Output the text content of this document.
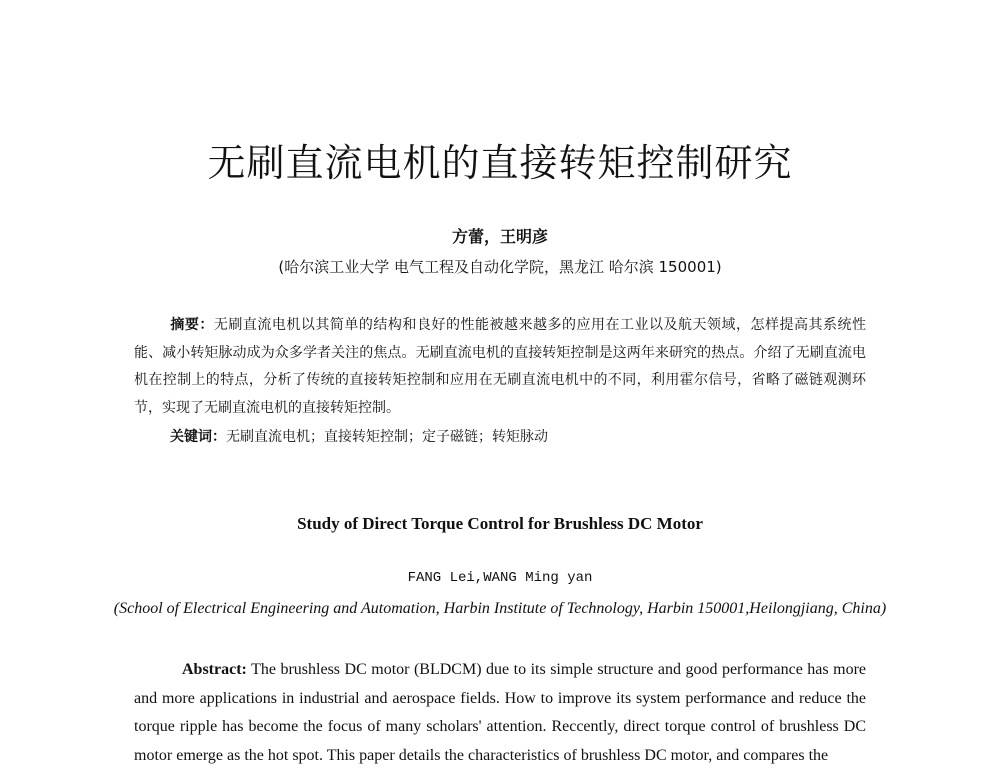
无刷直流电机的直接转矩控制研究
方蕾，王明彦
(哈尔滨工业大学 电气工程及自动化学院，黑龙江 哈尔滨 150001)
摘要：无刷直流电机以其简单的结构和良好的性能被越来越多的应用在工业以及航天领域，怎样提高其系统性能、减小转矩脉动成为众多学者关注的焦点。无刷直流电机的直接转矩控制是这两年来研究的热点。介绍了无刷直流电机在控制上的特点，分析了传统的直接转矩控制和应用在无刷直流电机中的不同，利用霍尔信号，省略了磁链观测环节，实现了无刷直流电机的直接转矩控制。
关键词：无刷直流电机；直接转矩控制；定子磁链；转矩脉动
Study of Direct Torque Control for Brushless DC Motor
FANG Lei,WANG Ming yan
(School of Electrical Engineering and Automation, Harbin Institute of Technology, Harbin 150001,Heilongjiang, China)
Abstract: The brushless DC motor (BLDCM) due to its simple structure and good performance has more and more applications in industrial and aerospace fields. How to improve its system performance and reduce the torque ripple has become the focus of many scholars' attention. Reccently, direct torque control of brushless DC motor emerge as the hot spot. This paper details the characteristics of brushless DC motor, and compares the
